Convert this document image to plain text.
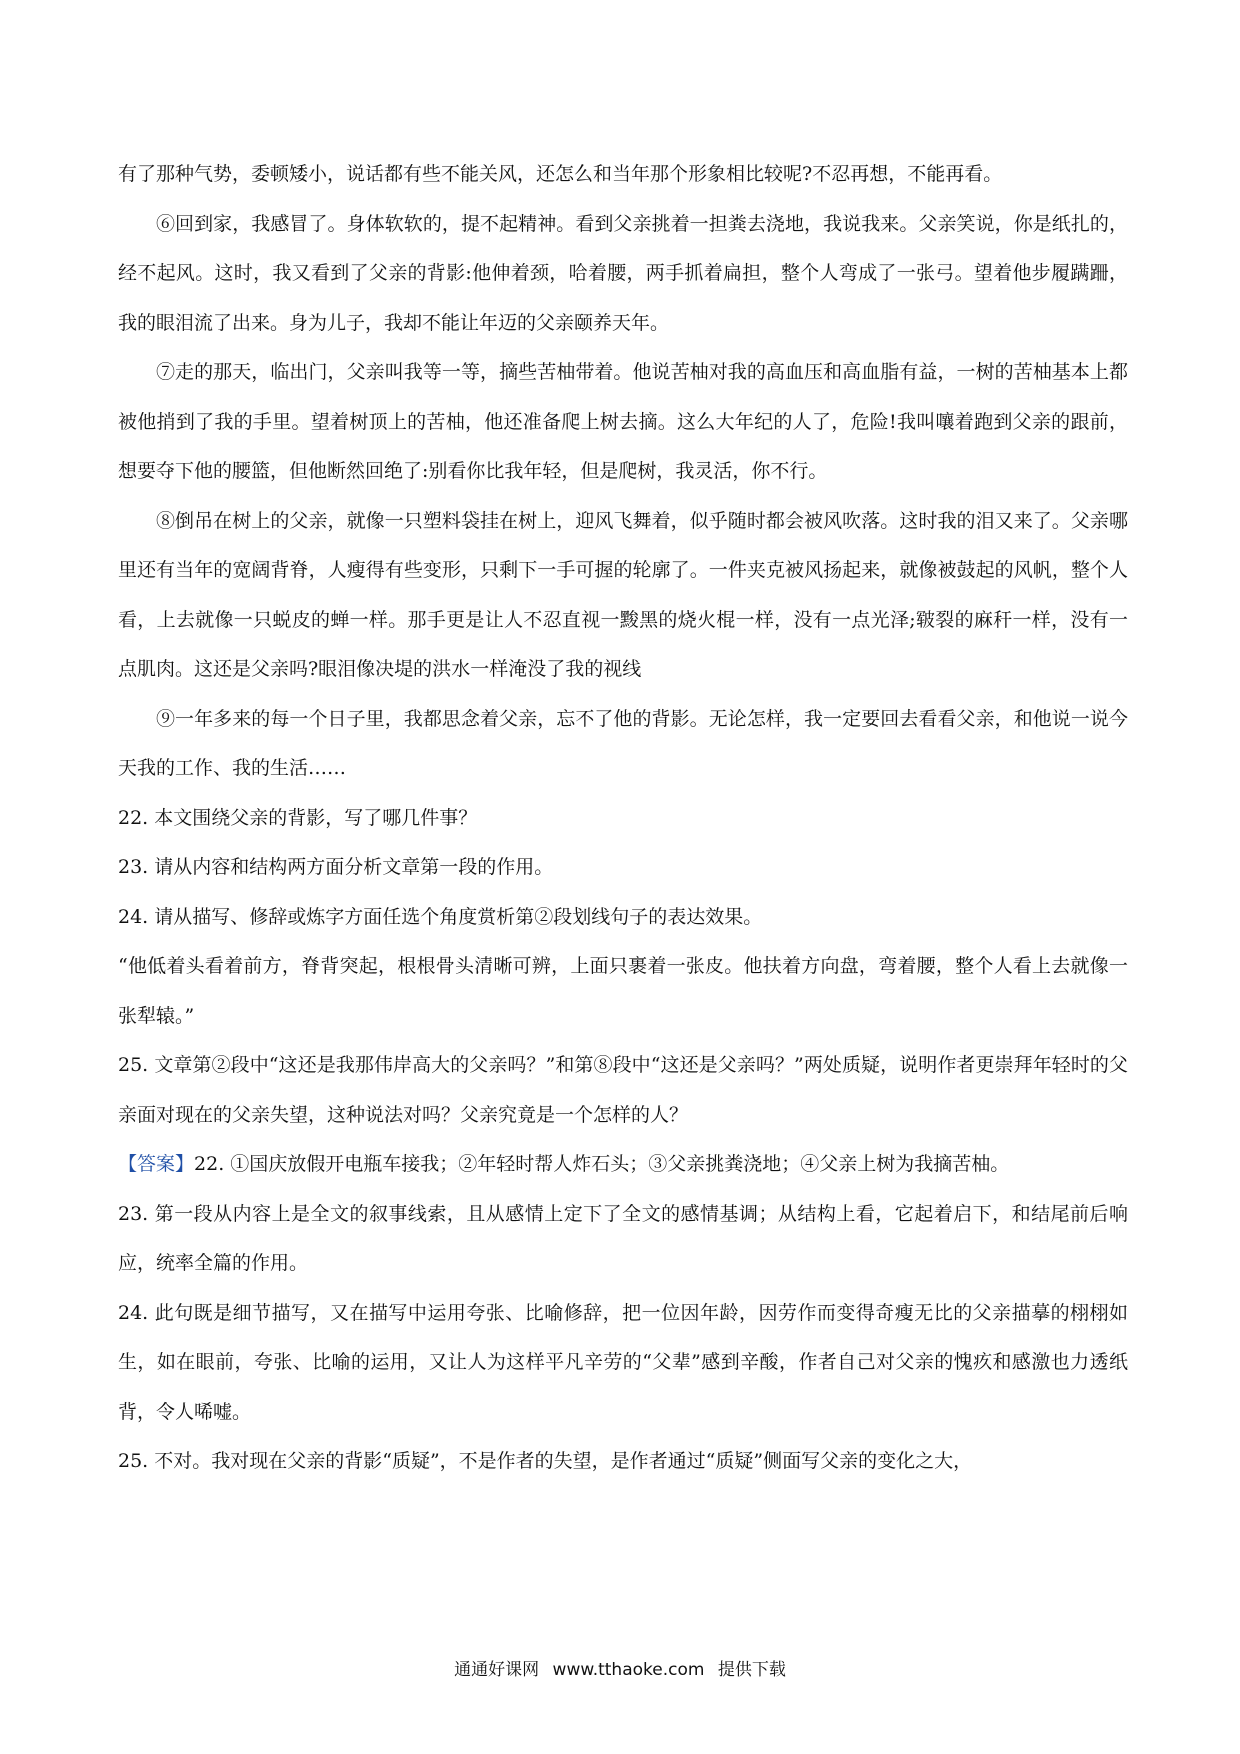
有了那种气势，委顿矮小，说话都有些不能关风，还怎么和当年那个形象相比较呢?不忍再想，不能再看。

⑥回到家，我感冒了。身体软软的，提不起精神。看到父亲挑着一担粪去浇地，我说我来。父亲笑说，你是纸扎的，经不起风。这时，我又看到了父亲的背影:他伸着颈，哈着腰，两手抓着扁担，整个人弯成了一张弓。望着他步履蹒跚，我的眼泪流了出来。身为儿子，我却不能让年迈的父亲颐养天年。

⑦走的那天，临出门，父亲叫我等一等，摘些苦柚带着。他说苦柚对我的高血压和高血脂有益，一树的苦柚基本上都被他捎到了我的手里。望着树顶上的苦柚，他还准备爬上树去摘。这么大年纪的人了，危险!我叫嚷着跑到父亲的跟前，想要夺下他的腰篮，但他断然回绝了:别看你比我年轻，但是爬树，我灵活，你不行。

⑧倒吊在树上的父亲，就像一只塑料袋挂在树上，迎风飞舞着，似乎随时都会被风吹落。这时我的泪又来了。父亲哪里还有当年的宽阔背脊，人瘦得有些变形，只剩下一手可握的轮廓了。一件夹克被风扬起来，就像被鼓起的风帆，整个人看，上去就像一只蜕皮的蝉一样。那手更是让人不忍直视一黢黑的烧火棍一样，没有一点光泽;皲裂的麻秆一样，没有一点肌肉。这还是父亲吗?眼泪像决堤的洪水一样淹没了我的视线

⑨一年多来的每一个日子里，我都思念着父亲，忘不了他的背影。无论怎样，我一定要回去看看父亲，和他说一说今天我的工作、我的生活……

22. 本文围绕父亲的背影，写了哪几件事？

23. 请从内容和结构两方面分析文章第一段的作用。

24. 请从描写、修辞或炼字方面任选个角度赏析第②段划线句子的表达效果。

“他低着头看着前方，脊背突起，根根骨头清晰可辨，上面只裹着一张皮。他扶着方向盘，弯着腰，整个人看上去就像一张犁辕。”

25. 文章第②段中“这还是我那伟岸高大的父亲吗？”和第⑧段中“这还是父亲吗？”两处质疑，说明作者更崇拜年轻时的父亲面对现在的父亲失望，这种说法对吗？父亲究竟是一个怎样的人？

【答案】22. ①国庆放假开电瓶车接我；②年轻时帮人炸石头；③父亲挑粪浇地；④父亲上树为我摘苦柚。

23. 第一段从内容上是全文的叙事线索，且从感情上定下了全文的感情基调；从结构上看，它起着启下，和结尾前后响应，统率全篇的作用。

24. 此句既是细节描写，又在描写中运用夸张、比喻修辞，把一位因年龄，因劳作而变得奇瘦无比的父亲描摹的栩栩如生，如在眼前，夸张、比喻的运用，又让人为这样平凡辛劳的“父辈”感到辛酸，作者自己对父亲的愧疚和感激也力透纸背，令人唏嘘。

25. 不对。我对现在父亲的背影“质疑”，不是作者的失望，是作者通过“质疑”侧面写父亲的变化之大，

通通好课网 www.tthaoke.com 提供下载
